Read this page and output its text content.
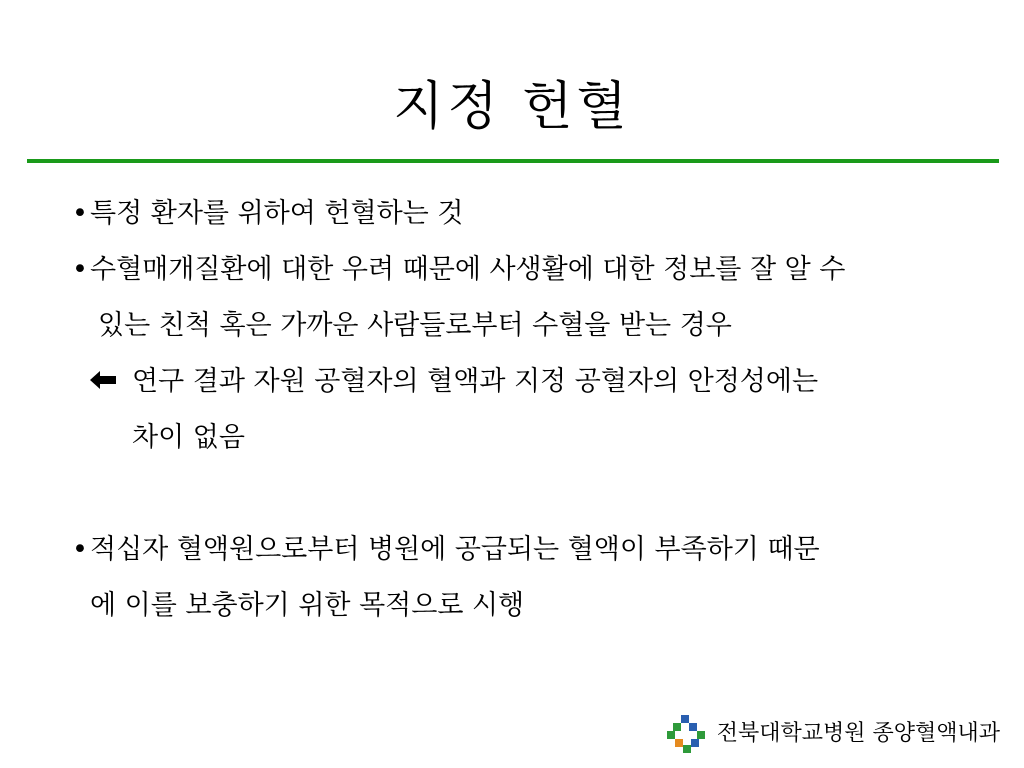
지정 헌혈
•특정 환자를 위하여 헌혈하는 것
•수혈매개질환에 대한 우려 때문에 사생활에 대한 정보를 잘 알 수
있는 친척 혹은 가까운 사람들로부터 수혈을 받는 경우
연구 결과 자원 공혈자의 혈액과 지정 공혈자의 안정성에는
차이 없음
•적십자 혈액원으로부터 병원에 공급되는 혈액이 부족하기 때문
에 이를 보충하기 위한 목적으로 시행
전북대학교병원 종양혈액내과
